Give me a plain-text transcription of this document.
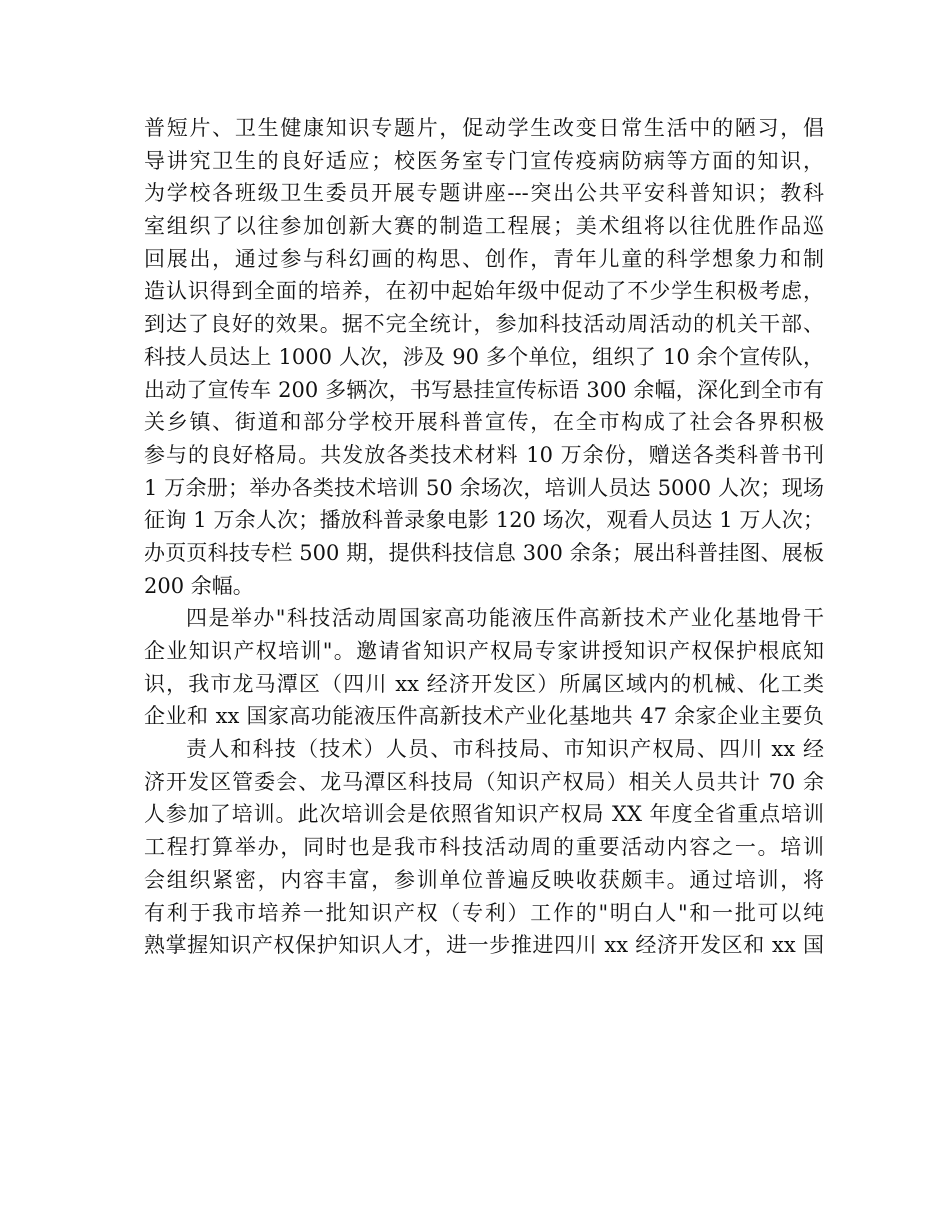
普短片、卫生健康知识专题片，促动学生改变日常生活中的陋习，倡
导讲究卫生的良好适应；校医务室专门宣传疫病防病等方面的知识，
为学校各班级卫生委员开展专题讲座---突出公共平安科普知识；教科
室组织了以往参加创新大赛的制造工程展；美术组将以往优胜作品巡
回展出，通过参与科幻画的构思、创作，青年儿童的科学想象力和制
造认识得到全面的培养，在初中起始年级中促动了不少学生积极考虑，
到达了良好的效果。据不完全统计，参加科技活动周活动的机关干部、
科技人员达上 1000 人次，涉及 90 多个单位，组织了 10 余个宣传队，
出动了宣传车 200 多辆次，书写悬挂宣传标语 300 余幅，深化到全市有
关乡镇、街道和部分学校开展科普宣传，在全市构成了社会各界积极
参与的良好格局。共发放各类技术材料 10 万余份，赠送各类科普书刊
1 万余册；举办各类技术培训 50 余场次，培训人员达 5000 人次；现场
征询 1 万余人次；播放科普录象电影 120 场次，观看人员达 1 万人次；
办页页科技专栏 500 期，提供科技信息 300 余条；展出科普挂图、展板
200 余幅。
四是举办"科技活动周国家高功能液压件高新技术产业化基地骨干
企业知识产权培训"。邀请省知识产权局专家讲授知识产权保护根底知
识，我市龙马潭区（四川 xx 经济开发区）所属区域内的机械、化工类
企业和 xx 国家高功能液压件高新技术产业化基地共 47 余家企业主要负
责人和科技（技术）人员、市科技局、市知识产权局、四川 xx 经
济开发区管委会、龙马潭区科技局（知识产权局）相关人员共计 70 余
人参加了培训。此次培训会是依照省知识产权局 XX 年度全省重点培训
工程打算举办，同时也是我市科技活动周的重要活动内容之一。培训
会组织紧密，内容丰富，参训单位普遍反映收获颇丰。通过培训，将
有利于我市培养一批知识产权（专利）工作的"明白人"和一批可以纯
熟掌握知识产权保护知识人才，进一步推进四川 xx 经济开发区和 xx 国
